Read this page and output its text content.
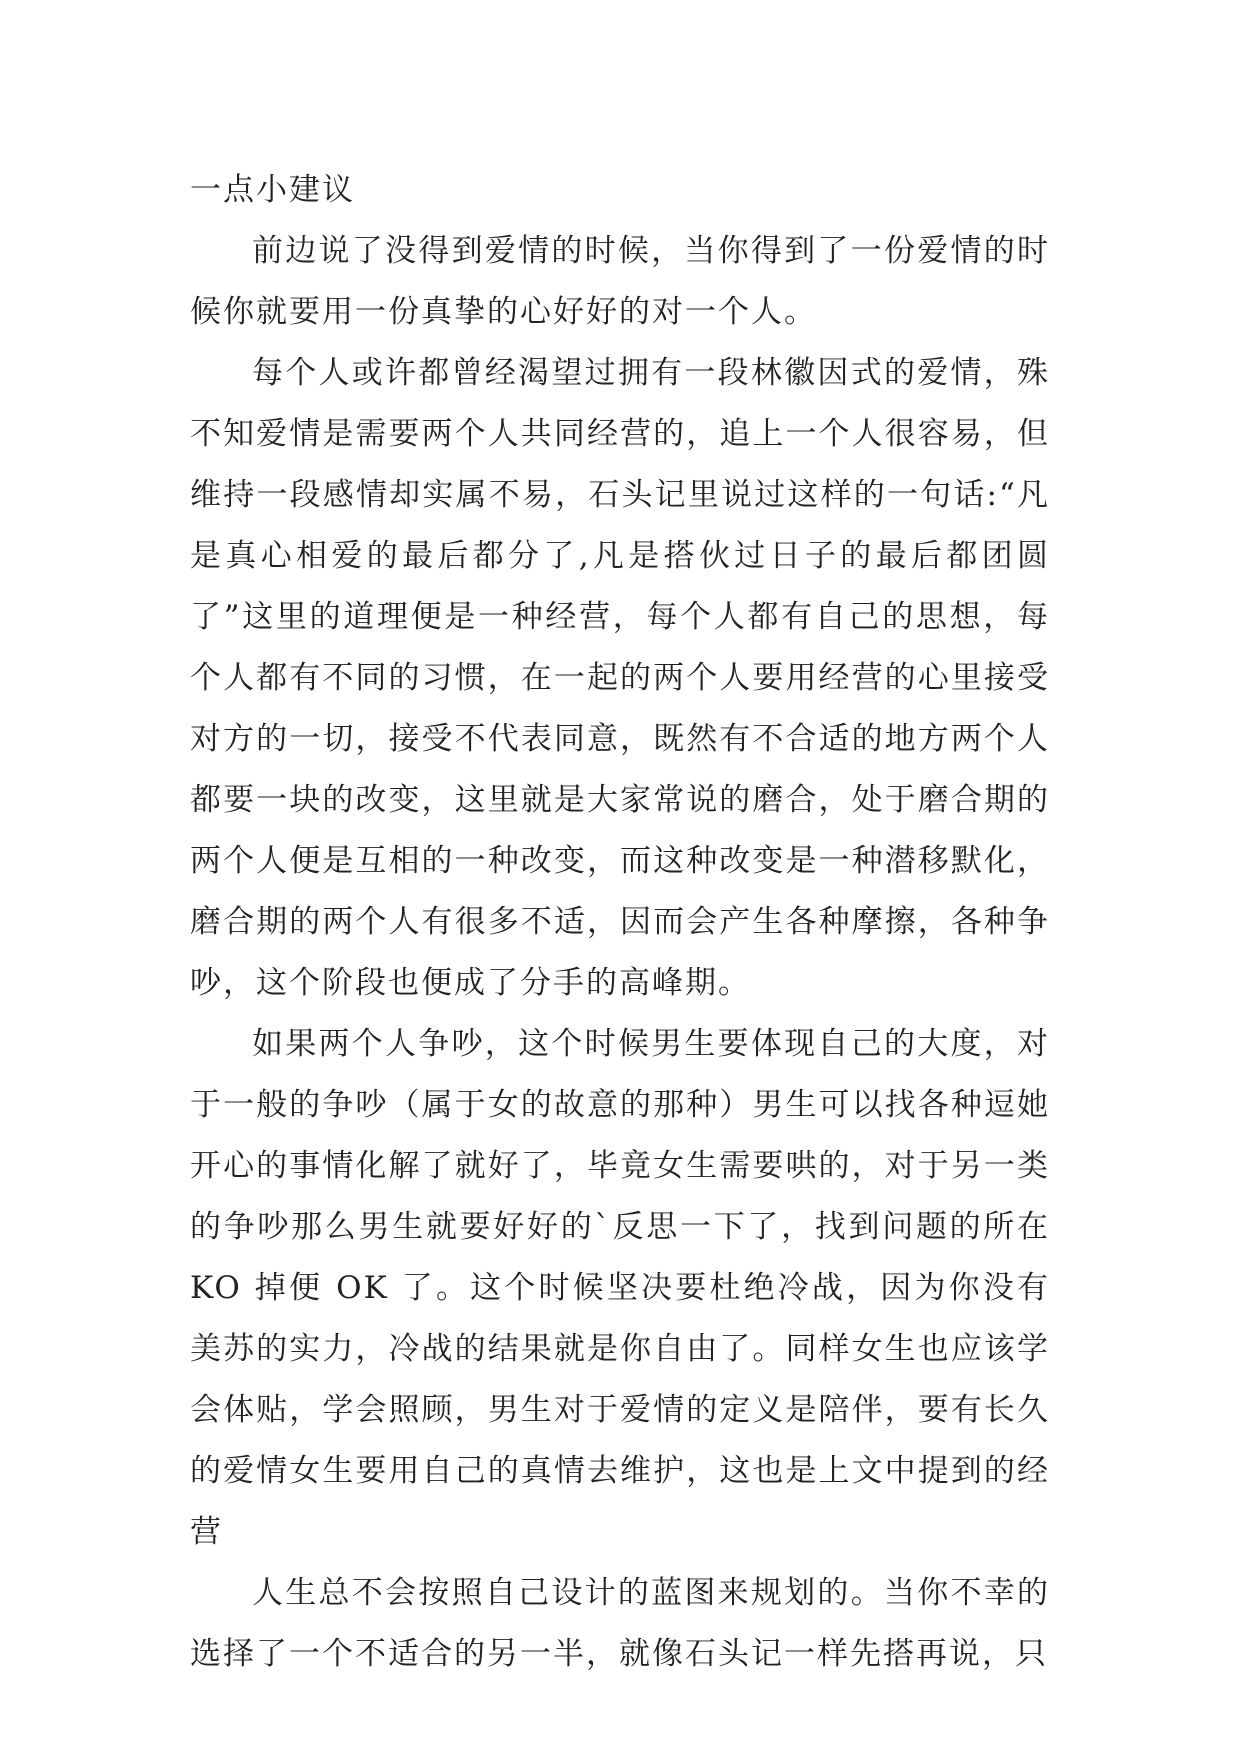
一点小建议

前边说了没得到爱情的时候，当你得到了一份爱情的时候你就要用一份真挚的心好好的对一个人。

每个人或许都曾经渴望过拥有一段林徽因式的爱情，殊不知爱情是需要两个人共同经营的，追上一个人很容易，但维持一段感情却实属不易，石头记里说过这样的一句话:“凡是真心相爱的最后都分了,凡是搭伙过日子的最后都团圆了”这里的道理便是一种经营，每个人都有自己的思想，每个人都有不同的习惯，在一起的两个人要用经营的心里接受对方的一切，接受不代表同意，既然有不合适的地方两个人都要一块的改变，这里就是大家常说的磨合，处于磨合期的两个人便是互相的一种改变，而这种改变是一种潜移默化，磨合期的两个人有很多不适，因而会产生各种摩擦，各种争吵，这个阶段也便成了分手的高峰期。

如果两个人争吵，这个时候男生要体现自己的大度，对于一般的争吵（属于女的故意的那种）男生可以找各种逗她开心的事情化解了就好了，毕竟女生需要哄的，对于另一类的争吵那么男生就要好好的`反思一下了，找到问题的所在KO 掉便 OK 了。这个时候坚决要杜绝冷战，因为你没有美苏的实力，冷战的结果就是你自由了。同样女生也应该学会体贴，学会照顾，男生对于爱情的定义是陪伴，要有长久的爱情女生要用自己的真情去维护，这也是上文中提到的经营

人生总不会按照自己设计的蓝图来规划的。当你不幸的选择了一个不适合的另一半，就像石头记一样先搭再说，只
